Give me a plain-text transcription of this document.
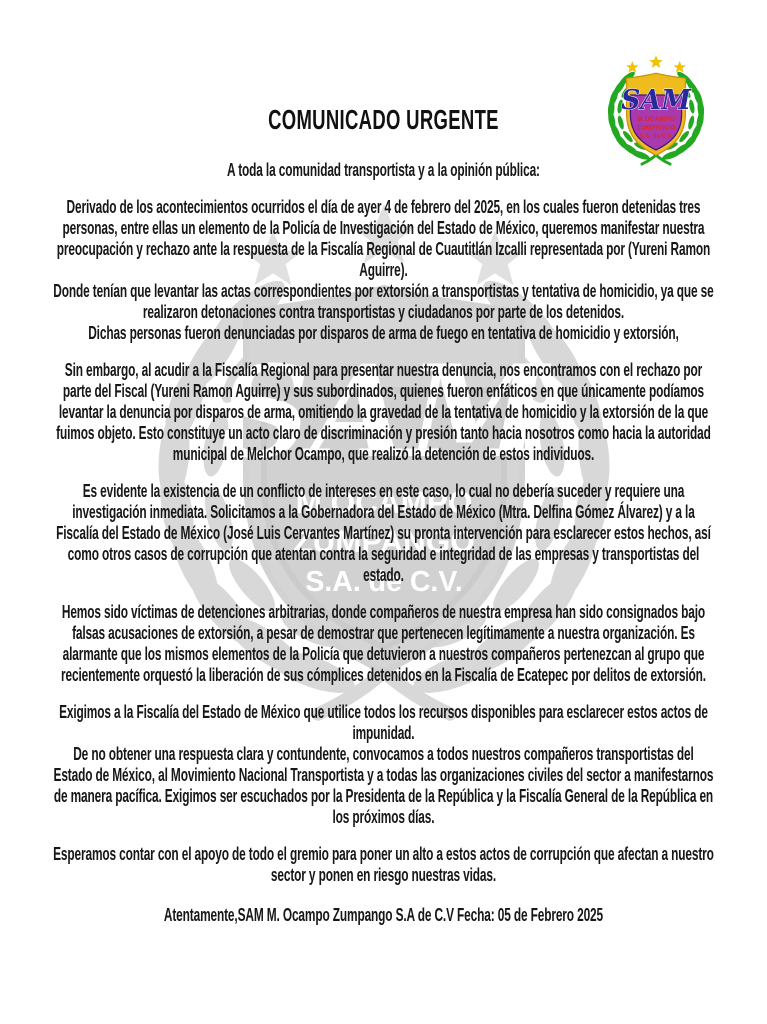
COMUNICADO URGENTE

A toda la comunidad transportista y a la opinión pública:

Derivado de los acontecimientos ocurridos el día de ayer 4 de febrero del 2025, en los cuales fueron detenidas tres personas, entre ellas un elemento de la Policía de Investigación del Estado de México, queremos manifestar nuestra preocupación y rechazo ante la respuesta de la Fiscalía Regional de Cuautitlán Izcalli representada por (Yureni Ramon Aguirre).

Donde tenían que levantar las actas correspondientes por extorsión a transportistas y tentativa de homicidio, ya que se realizaron detonaciones contra transportistas y ciudadanos por parte de los detenidos.

Dichas personas fueron denunciadas por disparos de arma de fuego en tentativa de homicidio y extorsión,

Sin embargo, al acudir a la Fiscalía Regional para presentar nuestra denuncia, nos encontramos con el rechazo por parte del Fiscal (Yureni Ramon Aguirre) y sus subordinados, quienes fueron enfáticos en que únicamente podíamos levantar la denuncia por disparos de arma, omitiendo la gravedad de la tentativa de homicidio y la extorsión de la que fuimos objeto. Esto constituye un acto claro de discriminación y presión tanto hacia nosotros como hacia la autoridad municipal de Melchor Ocampo, que realizó la detención de estos individuos.

Es evidente la existencia de un conflicto de intereses en este caso, lo cual no debería suceder y requiere una investigación inmediata. Solicitamos a la Gobernadora del Estado de México (Mtra. Delfina Gómez Álvarez) y a la Fiscalía del Estado de México (José Luis Cervantes Martínez) su pronta intervención para esclarecer estos hechos, así como otros casos de corrupción que atentan contra la seguridad e integridad de las empresas y transportistas del estado.

Hemos sido víctimas de detenciones arbitrarias, donde compañeros de nuestra empresa han sido consignados bajo falsas acusaciones de extorsión, a pesar de demostrar que pertenecen legítimamente a nuestra organización. Es alarmante que los mismos elementos de la Policía que detuvieron a nuestros compañeros pertenezcan al grupo que recientemente orquestó la liberación de sus cómplices detenidos en la Fiscalía de Ecatepec por delitos de extorsión.

Exigimos a la Fiscalía del Estado de México que utilice todos los recursos disponibles para esclarecer estos actos de impunidad.

De no obtener una respuesta clara y contundente, convocamos a todos nuestros compañeros transportistas del Estado de México, al Movimiento Nacional Transportista y a todas las organizaciones civiles del sector a manifestarnos de manera pacífica. Exigimos ser escuchados por la Presidenta de la República y la Fiscalía General de la República en los próximos días.

Esperamos contar con el apoyo de todo el gremio para poner un alto a estos actos de corrupción que afectan a nuestro sector y ponen en riesgo nuestras vidas.

Atentamente,SAM M. Ocampo Zumpango S.A de C.V Fecha: 05 de Febrero 2025
